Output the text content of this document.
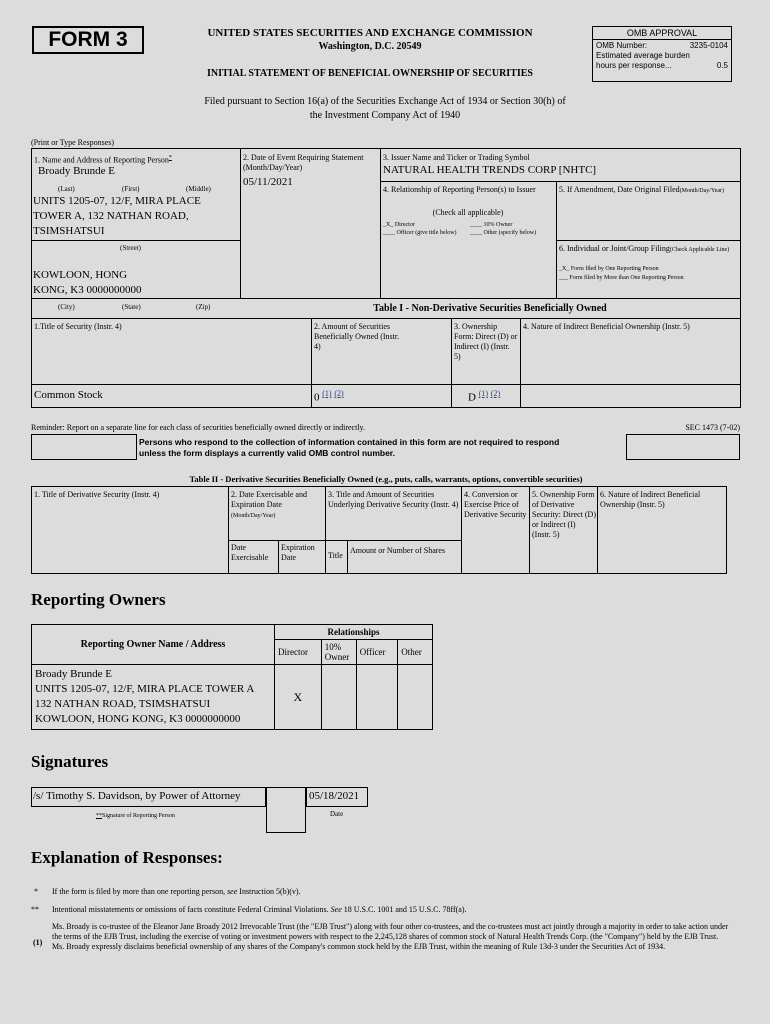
FORM 3	UNITED STATES SECURITIES AND EXCHANGE COMMISSION
Washington, D.C. 20549
INITIAL STATEMENT OF BENEFICIAL OWNERSHIP OF SECURITIES
OMB APPROVAL
OMB Number:	3235-0104
Estimated average burden
hours per response...	0.5
Filed pursuant to Section 16(a) of the Securities Exchange Act of 1934 or Section 30(h) of
the Investment Company Act of 1940
(Print or Type Responses)
1. Name and Address of Reporting Person*
Broady Brunde E
(Last)	(First)	(Middle)
UNITS 1205-07, 12/F, MIRA PLACE
TOWER A, 132 NATHAN ROAD,
TSIMSHATSUI
(Street)
KOWLOON, HONG
KONG, K3 0000000000
(City)	(State)	(Zip)
2. Date of Event Requiring Statement (Month/Day/Year)
05/11/2021
3. Issuer Name and Ticker or Trading Symbol
NATURAL HEALTH TRENDS CORP [NHTC]
4. Relationship of Reporting Person(s) to Issuer
(Check all applicable)
_X_ Director	____ 10% Owner
____ Officer (give title below)	____ Other (specify below)
5. If Amendment, Date Original Filed(Month/Day/Year)
6. Individual or Joint/Group Filing(Check Applicable Line)
_X_ Form filed by One Reporting Person
___ Form filed by More than One Reporting Person
Table I - Non-Derivative Securities Beneficially Owned
1.Title of Security (Instr. 4)	2. Amount of Securities Beneficially Owned (Instr. 4)
3. Ownership Form: Direct (D) or Indirect (I) (Instr. 5)
4. Nature of Indirect Beneficial Ownership (Instr. 5)
Common Stock	0 $^{(1)}$ $^{(2)}$	D $^{(1)}$ $^{(2)}$
Reminder: Report on a separate line for each class of securities beneficially owned directly or indirectly.	SEC 1473 (7-02)
Persons who respond to the collection of information contained in this form are not required to respond
unless the form displays a currently valid OMB control number.
Table II - Derivative Securities Beneficially Owned (e.g., puts, calls, warrants, options, convertible securities)
1. Title of Derivative Security (Instr. 4)	2. Date Exercisable and Expiration Date
(Month/Day/Year)
Date Exercisable
Expiration Date
3. Title and Amount of Securities Underlying Derivative Security (Instr. 4)
Title
Amount or Number of Shares
4. Conversion or Exercise Price of Derivative Security
5. Ownership Form of Derivative Security: Direct (D) or Indirect (I) (Instr. 5)
6. Nature of Indirect Beneficial Ownership (Instr. 5)
Reporting Owners
Reporting Owner Name / Address	Relationships			
	Director	10% Owner	Officer	Other

Broady Brunde E
UNITS 1205-07, 12/F, MIRA PLACE TOWER A
132 NATHAN ROAD, TSIMSHATSUI
KOWLOON, HONG KONG, K3 0000000000	X			
Signatures
/s/ Timothy S. Davidson, by Power of Attorney	05/18/2021
**Signature of Reporting Person	Date
Explanation of Responses:
* If the form is filed by more than one reporting person, see Instruction 5(b)(v).
** Intentional misstatements or omissions of facts constitute Federal Criminal Violations. See 18 U.S.C. 1001 and 15 U.S.C. 78ff(a).
(1)
Ms. Broady is co-trustee of the Eleanor Jane Broady 2012 Irrevocable Trust (the "EJB Trust") along with four other co-trustees, and the co-trustees must act jointly through a majority in order to take action under the terms of the EJB Trust, including the exercise of voting or investment powers with respect to the 2,245,128 shares of common stock of Natural Health Trends Corp. (the "Company") held by the EJB Trust. Ms. Broady expressly disclaims beneficial ownership of any shares of the Company's common stock held by the EJB Trust, within the meaning of Rule 13d-3 under the Securities Act of 1934.
